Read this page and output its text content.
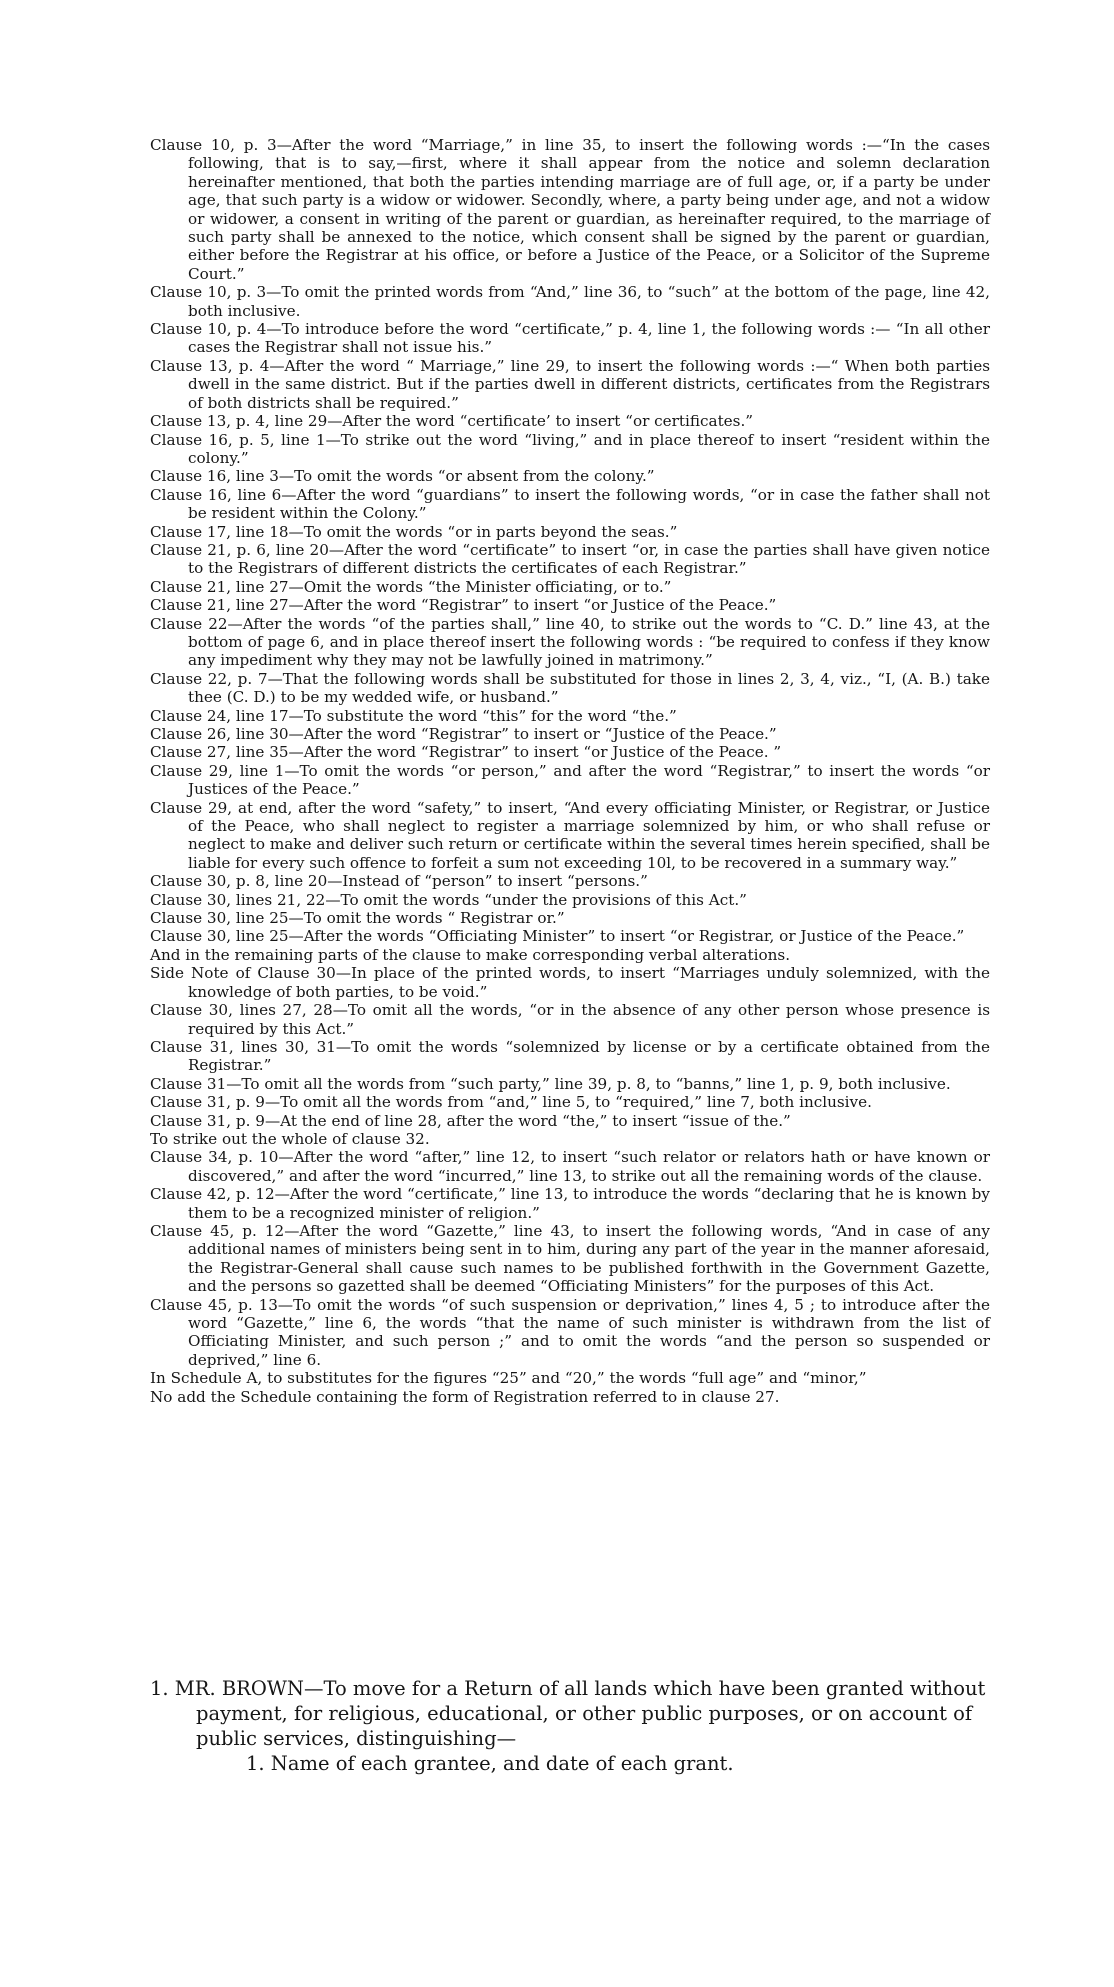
Clause 10, p. 3—After the word “Marriage,” in line 35, to insert the following words :—“In the cases following, that is to say,—first, where it shall appear from the notice and solemn declaration hereinafter mentioned, that both the parties intending marriage are of full age, or, if a party be under age, that such party is a widow or widower. Secondly, where, a party being under age, and not a widow or widower, a consent in writing of the parent or guardian, as hereinafter required, to the marriage of such party shall be annexed to the notice, which consent shall be signed by the parent or guardian, either before the Registrar at his office, or before a Justice of the Peace, or a Solicitor of the Supreme Court.”

Clause 10, p. 3—To omit the printed words from “And,” line 36, to “such” at the bottom of the page, line 42, both inclusive.

Clause 10, p. 4—To introduce before the word “certificate,” p. 4, line 1, the following words :— “In all other cases the Registrar shall not issue his.”

Clause 13, p. 4—After the word “ Marriage,” line 29, to insert the following words :—“ When both parties dwell in the same district. But if the parties dwell in different districts, certificates from the Registrars of both districts shall be required.”

Clause 13, p. 4, line 29—After the word “certificate’ to insert “or certificates.”

Clause 16, p. 5, line 1—To strike out the word “living,” and in place thereof to insert “resident within the colony.”

Clause 16, line 3—To omit the words “or absent from the colony.”

Clause 16, line 6—After the word “guardians” to insert the following words, “or in case the father shall not be resident within the Colony.”

Clause 17, line 18—To omit the words “or in parts beyond the seas.”

Clause 21, p. 6, line 20—After the word “certificate” to insert “or, in case the parties shall have given notice to the Registrars of different districts the certificates of each Registrar.”

Clause 21, line 27—Omit the words “the Minister officiating, or to.”

Clause 21, line 27—After the word “Registrar” to insert “or Justice of the Peace.”

Clause 22—After the words “of the parties shall,” line 40, to strike out the words to “C. D.” line 43, at the bottom of page 6, and in place thereof insert the following words : “be required to confess if they know any impediment why they may not be lawfully joined in matrimony.”

Clause 22, p. 7—That the following words shall be substituted for those in lines 2, 3, 4, viz., “I, (A. B.) take thee (C. D.) to be my wedded wife, or husband.”

Clause 24, line 17—To substitute the word “this” for the word “the.”

Clause 26, line 30—After the word “Registrar” to insert or “Justice of the Peace.”

Clause 27, line 35—After the word “Registrar” to insert “or Justice of the Peace. ”

Clause 29, line 1—To omit the words “or person,” and after the word “Registrar,” to insert the words “or Justices of the Peace.”

Clause 29, at end, after the word “safety,” to insert, “And every officiating Minister, or Registrar, or Justice of the Peace, who shall neglect to register a marriage solemnized by him, or who shall refuse or neglect to make and deliver such return or certificate within the several times herein specified, shall be liable for every such offence to forfeit a sum not exceeding 10l, to be recovered in a summary way.”

Clause 30, p. 8, line 20—Instead of “person” to insert “persons.”

Clause 30, lines 21, 22—To omit the words “under the provisions of this Act.”

Clause 30, line 25—To omit the words “ Registrar or.”

Clause 30, line 25—After the words “Officiating Minister” to insert “or Registrar, or Justice of the Peace.”

And in the remaining parts of the clause to make corresponding verbal alterations.

Side Note of Clause 30—In place of the printed words, to insert “Marriages unduly solemnized, with the knowledge of both parties, to be void.”

Clause 30, lines 27, 28—To omit all the words, “or in the absence of any other person whose presence is required by this Act.”

Clause 31, lines 30, 31—To omit the words “solemnized by license or by a certificate obtained from the Registrar.”

Clause 31—To omit all the words from “such party,” line 39, p. 8, to “banns,” line 1, p. 9, both inclusive.

Clause 31, p. 9—To omit all the words from “and,” line 5, to “required,” line 7, both inclusive.

Clause 31, p. 9—At the end of line 28, after the word “the,” to insert “issue of the.”

To strike out the whole of clause 32.

Clause 34, p. 10—After the word “after,” line 12, to insert “such relator or relators hath or have known or discovered,” and after the word “incurred,” line 13, to strike out all the remaining words of the clause.

Clause 42, p. 12—After the word “certificate,” line 13, to introduce the words “declaring that he is known by them to be a recognized minister of religion.”

Clause 45, p. 12—After the word “Gazette,” line 43, to insert the following words, “And in case of any additional names of ministers being sent in to him, during any part of the year in the manner aforesaid, the Registrar-General shall cause such names to be published forthwith in the Government Gazette, and the persons so gazetted shall be deemed “Officiating Ministers” for the purposes of this Act.

Clause 45, p. 13—To omit the words “of such suspension or deprivation,” lines 4, 5 ; to introduce after the word “Gazette,” line 6, the words “that the name of such minister is withdrawn from the list of Officiating Minister, and such person ;” and to omit the words “and the person so suspended or deprived,” line 6.

In Schedule A, to substitutes for the figures “25” and “20,” the words “full age” and “minor,”

No add the Schedule containing the form of Registration referred to in clause 27.

1. MR. BROWN—To move for a Return of all lands which have been granted without payment, for religious, educational, or other public purposes, or on account of public services, distinguishing—

1. Name of each grantee, and date of each grant.
